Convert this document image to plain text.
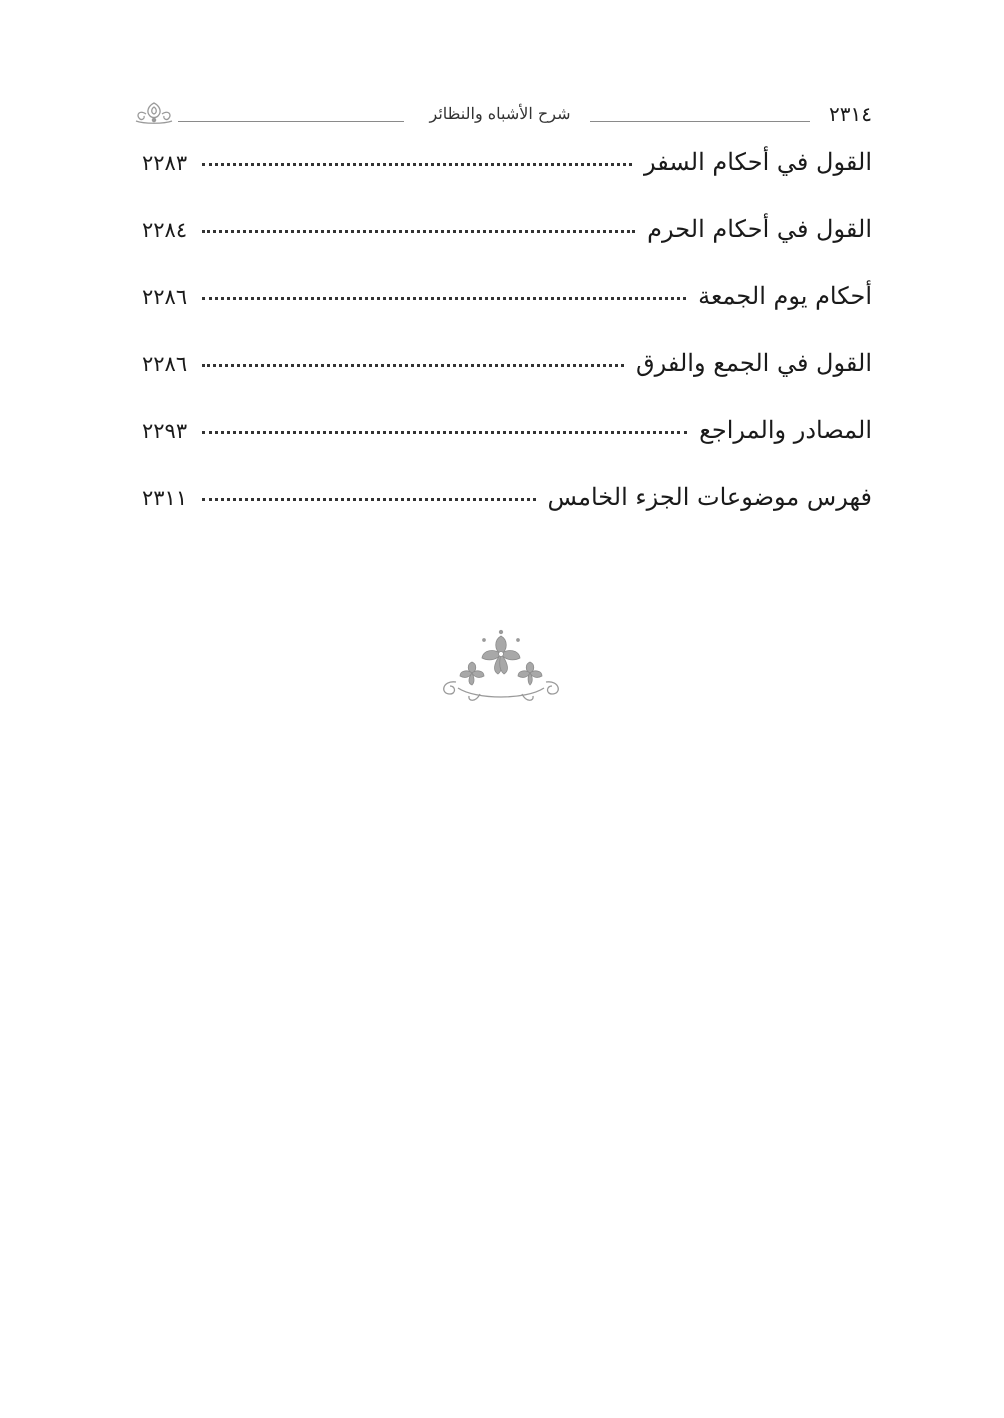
٢٣١٤
شرح الأشباه والنظائر
القول في أحكام السفر
٢٢٨٣
القول في أحكام الحرم
٢٢٨٤
أحكام يوم الجمعة
٢٢٨٦
القول في الجمع والفرق
٢٢٨٦
المصادر والمراجع
٢٢٩٣
فهرس موضوعات الجزء الخامس
٢٣١١
